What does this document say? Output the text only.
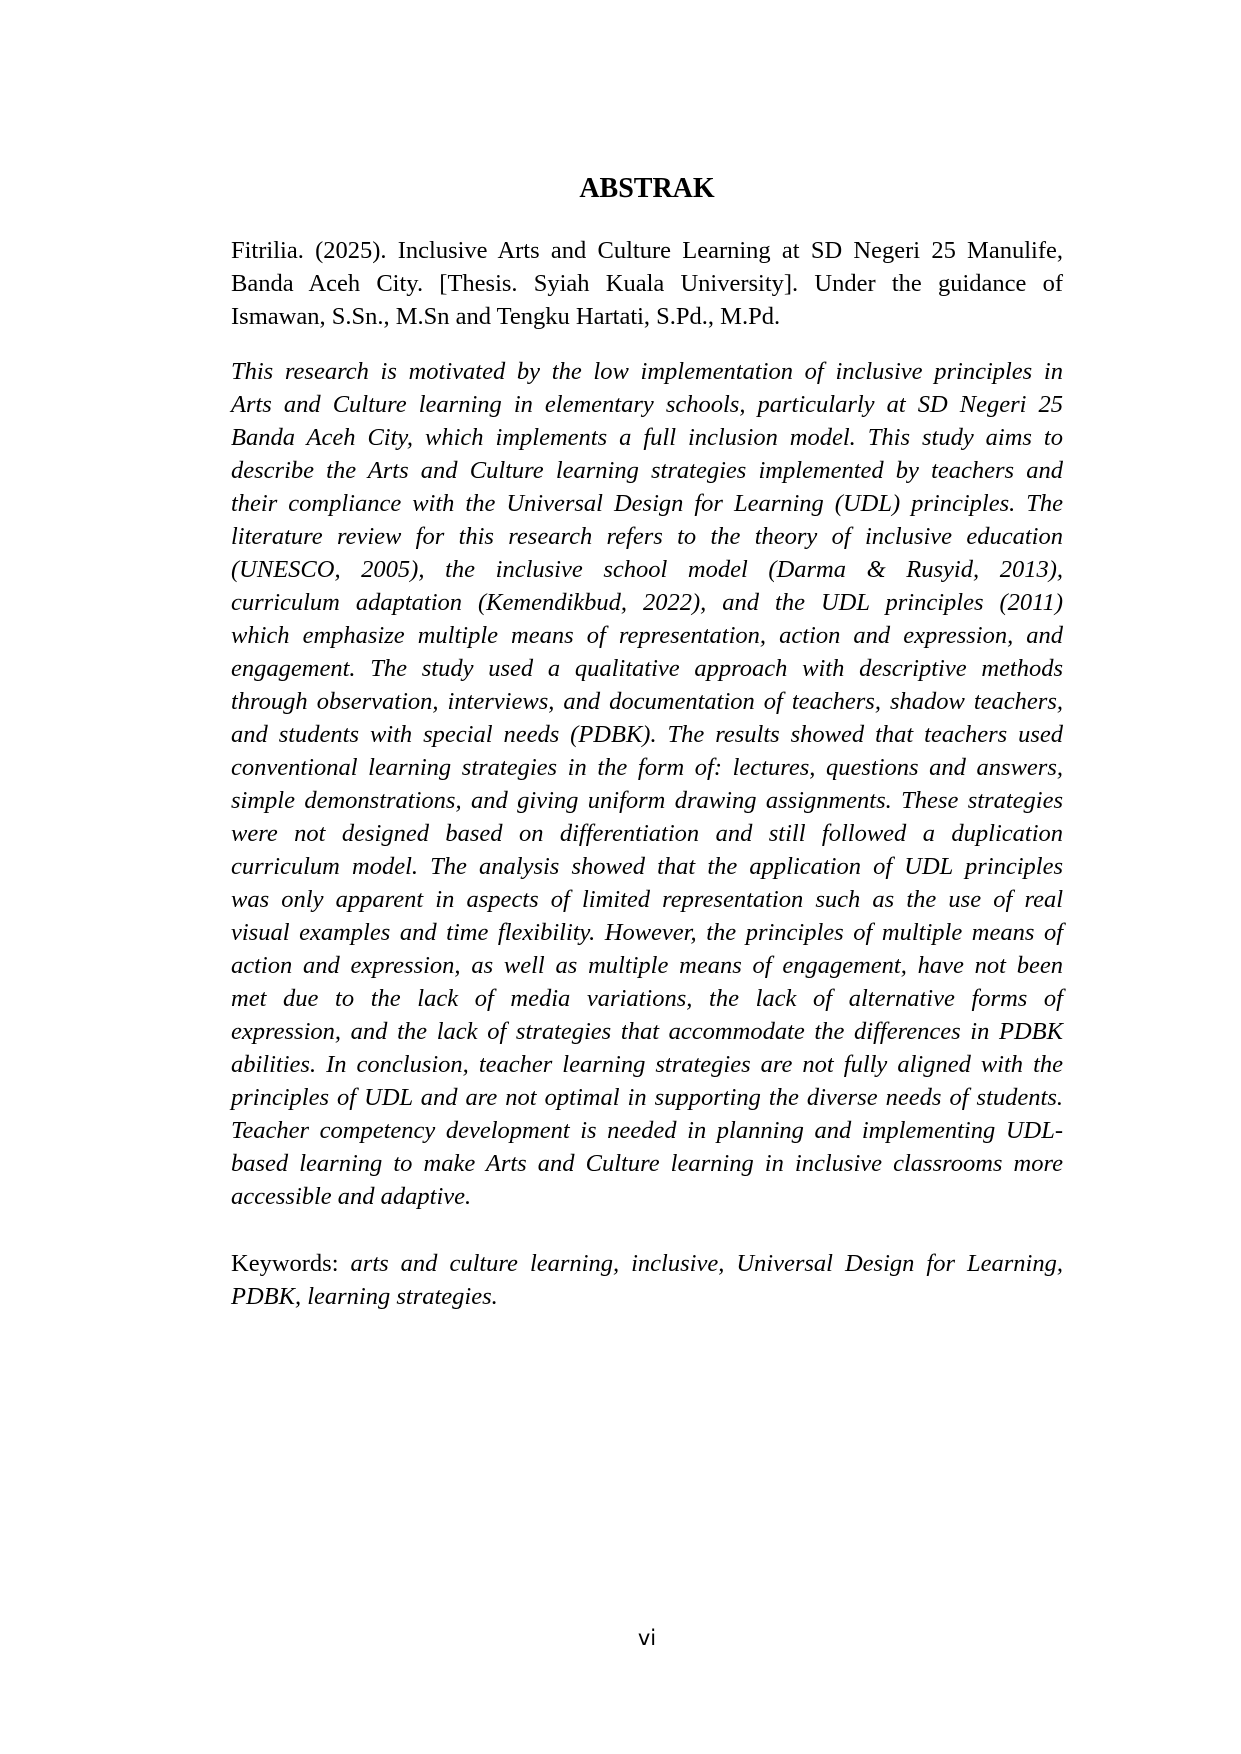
ABSTRAK
Fitrilia. (2025). Inclusive Arts and Culture Learning at SD Negeri 25 Manulife,
Banda Aceh City. [Thesis. Syiah Kuala University]. Under the guidance of
Ismawan, S.Sn., M.Sn and Tengku Hartati, S.Pd., M.Pd.
This research is motivated by the low implementation of inclusive principles in
Arts and Culture learning in elementary schools, particularly at SD Negeri 25
Banda Aceh City, which implements a full inclusion model. This study aims to
describe the Arts and Culture learning strategies implemented by teachers and
their compliance with the Universal Design for Learning (UDL) principles. The
literature review for this research refers to the theory of inclusive education
(UNESCO, 2005), the inclusive school model (Darma & Rusyid, 2013),
curriculum adaptation (Kemendikbud, 2022), and the UDL principles (2011)
which emphasize multiple means of representation, action and expression, and
engagement. The study used a qualitative approach with descriptive methods
through observation, interviews, and documentation of teachers, shadow teachers,
and students with special needs (PDBK). The results showed that teachers used
conventional learning strategies in the form of: lectures, questions and answers,
simple demonstrations, and giving uniform drawing assignments. These strategies
were not designed based on differentiation and still followed a duplication
curriculum model. The analysis showed that the application of UDL principles
was only apparent in aspects of limited representation such as the use of real
visual examples and time flexibility. However, the principles of multiple means of
action and expression, as well as multiple means of engagement, have not been
met due to the lack of media variations, the lack of alternative forms of
expression, and the lack of strategies that accommodate the differences in PDBK
abilities. In conclusion, teacher learning strategies are not fully aligned with the
principles of UDL and are not optimal in supporting the diverse needs of students.
Teacher competency development is needed in planning and implementing UDL-
based learning to make Arts and Culture learning in inclusive classrooms more
accessible and adaptive.
Keywords: arts and culture learning, inclusive, Universal Design for Learning,
PDBK, learning strategies.
vi
